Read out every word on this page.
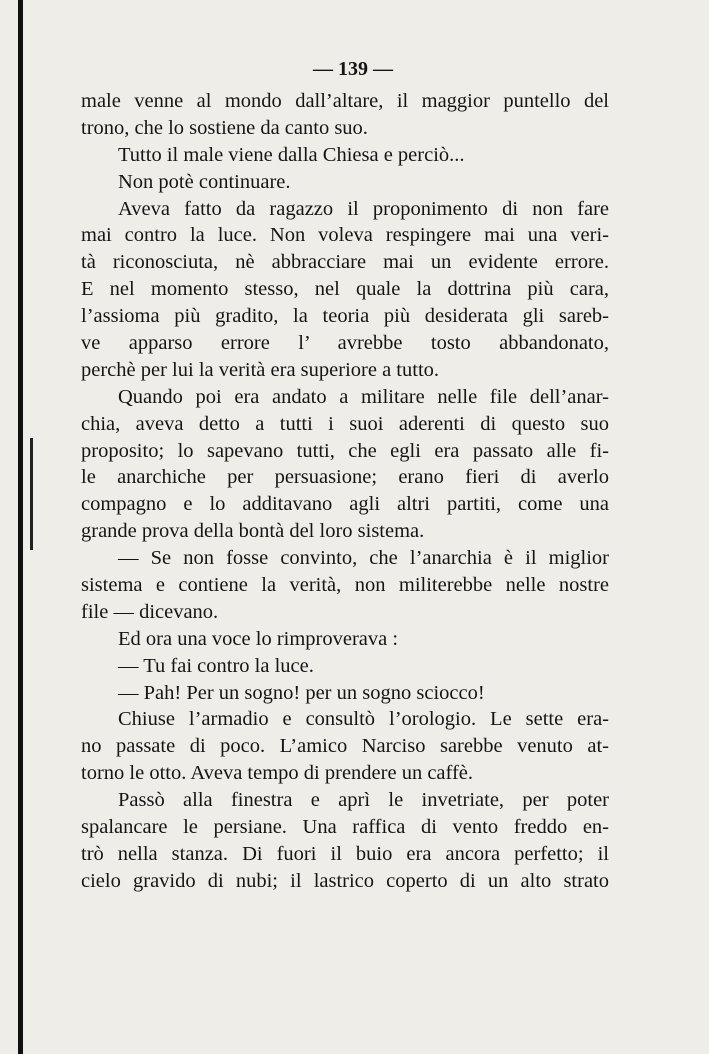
— 139 —
male venne al mondo dall’altare, il maggior puntello del
trono, che lo sostiene da canto suo.
Tutto il male viene dalla Chiesa e perciò...
Non potè continuare.
Aveva fatto da ragazzo il proponimento di non fare
mai contro la luce. Non voleva respingere mai una veri-
tà riconosciuta, nè abbracciare mai un evidente errore.
E nel momento stesso, nel quale la dottrina più cara,
l’assioma più gradito, la teoria più desiderata gli sareb-
ve apparso errore l’ avrebbe tosto abbandonato,
perchè per lui la verità era superiore a tutto.
Quando poi era andato a militare nelle file dell’anar-
chia, aveva detto a tutti i suoi aderenti di questo suo
proposito; lo sapevano tutti, che egli era passato alle fi-
le anarchiche per persuasione; erano fieri di averlo
compagno e lo additavano agli altri partiti, come una
grande prova della bontà del loro sistema.
— Se non fosse convinto, che l’anarchia è il miglior
sistema e contiene la verità, non militerebbe nelle nostre
file — dicevano.
Ed ora una voce lo rimproverava :
— Tu fai contro la luce.
— Pah! Per un sogno! per un sogno sciocco!
Chiuse l’armadio e consultò l’orologio. Le sette era-
no passate di poco. L’amico Narciso sarebbe venuto at-
torno le otto. Aveva tempo di prendere un caffè.
Passò alla finestra e aprì le invetriate, per poter
spalancare le persiane. Una raffica di vento freddo en-
trò nella stanza. Di fuori il buio era ancora perfetto; il
cielo gravido di nubi; il lastrico coperto di un alto strato
